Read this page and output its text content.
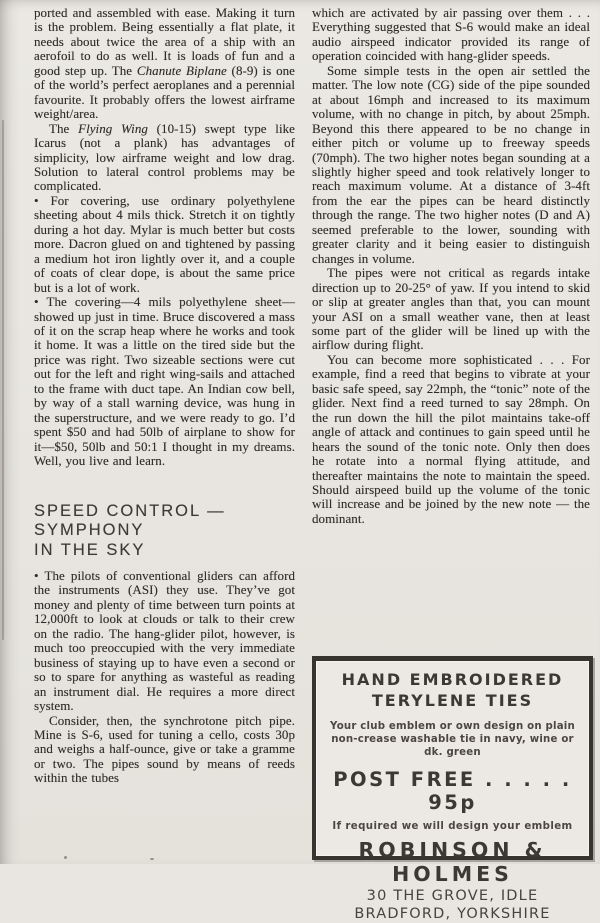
ported and assembled with ease. Making it turn is the problem. Being essentially a flat plate, it needs about twice the area of a ship with an aerofoil to do as well. It is loads of fun and a good step up. The Chanute Biplane (8-9) is one of the world’s perfect aeroplanes and a perennial favourite. It probably offers the lowest airframe weight/area.

The Flying Wing (10-15) swept type like Icarus (not a plank) has advantages of simplicity, low airframe weight and low drag. Solution to lateral control problems may be complicated.

• For covering, use ordinary polyethylene sheeting about 4 mils thick. Stretch it on tightly during a hot day. Mylar is much better but costs more. Dacron glued on and tightened by passing a medium hot iron lightly over it, and a couple of coats of clear dope, is about the same price but is a lot of work.

• The covering—4 mils polyethylene sheet—showed up just in time. Bruce discovered a mass of it on the scrap heap where he works and took it home. It was a little on the tired side but the price was right. Two sizeable sections were cut out for the left and right wing-sails and attached to the frame with duct tape. An Indian cow bell, by way of a stall warning device, was hung in the superstructure, and we were ready to go. I’d spent $50 and had 50lb of airplane to show for it—$50, 50lb and 50:1 I thought in my dreams. Well, you live and learn.

SPEED CONTROL — SYMPHONY
IN THE SKY

• The pilots of conventional gliders can afford the instruments (ASI) they use. They’ve got money and plenty of time between turn points at 12,000ft to look at clouds or talk to their crew on the radio. The hang-glider pilot, however, is much too preoccupied with the very immediate business of staying up to have even a second or so to spare for anything as wasteful as reading an instrument dial. He requires a more direct system.

Consider, then, the synchrotone pitch pipe. Mine is S-6, used for tuning a cello, costs 30p and weighs a half-ounce, give or take a gramme or two. The pipes sound by means of reeds within the tubes

which are activated by air passing over them . . . Everything suggested that S-6 would make an ideal audio airspeed indicator provided its range of operation coincided with hang-glider speeds.

Some simple tests in the open air settled the matter. The low note (CG) side of the pipe sounded at about 16mph and increased to its maximum volume, with no change in pitch, by about 25mph. Beyond this there appeared to be no change in either pitch or volume up to freeway speeds (70mph). The two higher notes began sounding at a slightly higher speed and took relatively longer to reach maximum volume. At a distance of 3-4ft from the ear the pipes can be heard distinctly through the range. The two higher notes (D and A) seemed preferable to the lower, sounding with greater clarity and it being easier to distinguish changes in volume.

The pipes were not critical as regards intake direction up to 20-25° of yaw. If you intend to skid or slip at greater angles than that, you can mount your ASI on a small weather vane, then at least some part of the glider will be lined up with the airflow during flight.

You can become more sophisticated . . . For example, find a reed that begins to vibrate at your basic safe speed, say 22mph, the “tonic” note of the glider. Next find a reed turned to say 28mph. On the run down the hill the pilot maintains take-off angle of attack and continues to gain speed until he hears the sound of the tonic note. Only then does he rotate into a normal flying attitude, and thereafter maintains the note to maintain the speed. Should airspeed build up the volume of the tonic will increase and be joined by the new note — the dominant.

HAND EMBROIDERED
TERYLENE TIES
Your club emblem or own design on plain
non-crease washable tie in navy, wine or dk. green
POST FREE . . . . . 95p
If required we will design your emblem
ROBINSON & HOLMES
30 THE GROVE, IDLE
BRADFORD, YORKSHIRE
